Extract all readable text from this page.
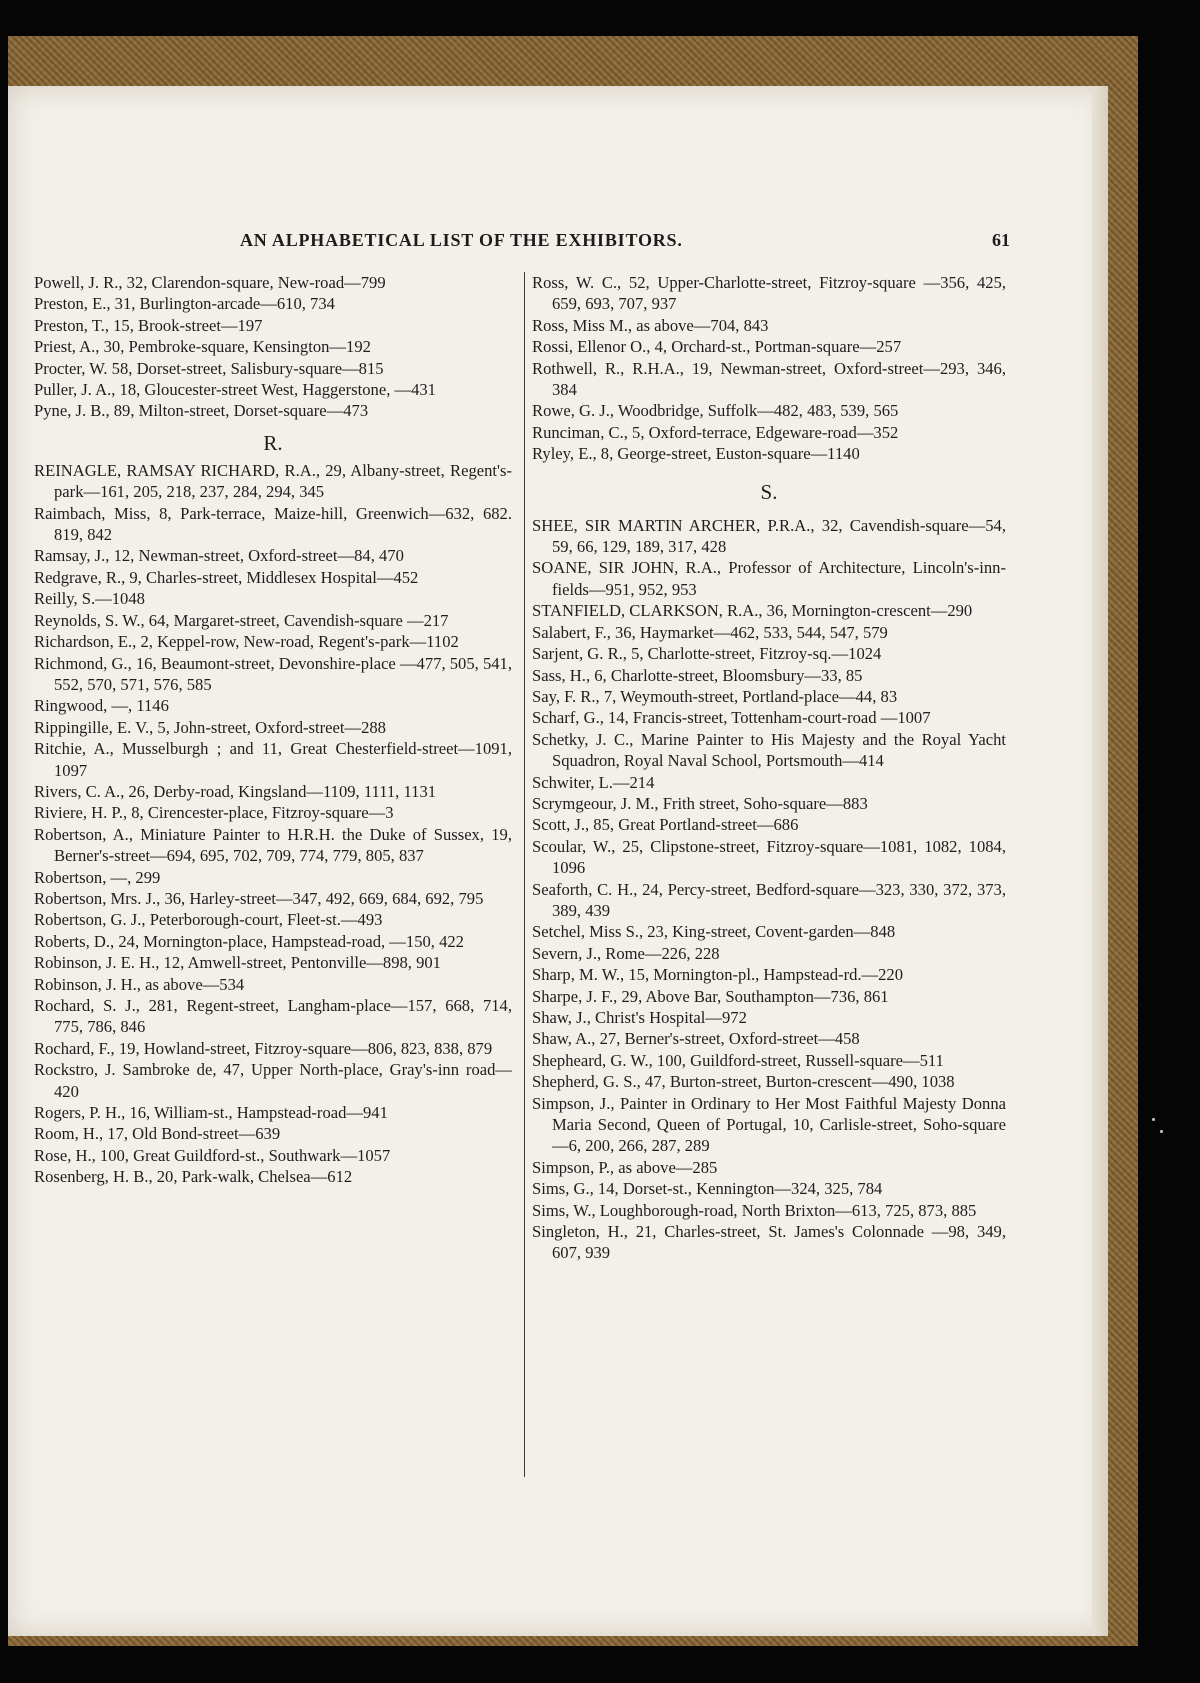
AN ALPHABETICAL LIST OF THE EXHIBITORS.	61
Powell, J. R., 32, Clarendon-square, New-road—799
Preston, E., 31, Burlington-arcade—610, 734
Preston, T., 15, Brook-street—197
Priest, A., 30, Pembroke-square, Kensington—192
Procter, W. 58, Dorset-street, Salisbury-square—815
Puller, J. A., 18, Gloucester-street West, Haggerstone, —431
Pyne, J. B., 89, Milton-street, Dorset-square—473
R.
REINAGLE, RAMSAY RICHARD, R.A., 29, Albany-street, Regent's-park—161, 205, 218, 237, 284, 294, 345
Raimbach, Miss, 8, Park-terrace, Maize-hill, Greenwich—632, 682. 819, 842
Ramsay, J., 12, Newman-street, Oxford-street—84, 470
Redgrave, R., 9, Charles-street, Middlesex Hospital—452
Reilly, S.—1048
Reynolds, S. W., 64, Margaret-street, Cavendish-square —217
Richardson, E., 2, Keppel-row, New-road, Regent's-park—1102
Richmond, G., 16, Beaumont-street, Devonshire-place —477, 505, 541, 552, 570, 571, 576, 585
Ringwood, —, 1146
Rippingille, E. V., 5, John-street, Oxford-street—288
Ritchie, A., Musselburgh ; and 11, Great Chesterfield-street—1091, 1097
Rivers, C. A., 26, Derby-road, Kingsland—1109, 1111, 1131
Riviere, H. P., 8, Cirencester-place, Fitzroy-square—3
Robertson, A., Miniature Painter to H.R.H. the Duke of Sussex, 19, Berner's-street—694, 695, 702, 709, 774, 779, 805, 837
Robertson, —, 299
Robertson, Mrs. J., 36, Harley-street—347, 492, 669, 684, 692, 795
Robertson, G. J., Peterborough-court, Fleet-st.—493
Roberts, D., 24, Mornington-place, Hampstead-road, —150, 422
Robinson, J. E. H., 12, Amwell-street, Pentonville—898, 901
Robinson, J. H., as above—534
Rochard, S. J., 281, Regent-street, Langham-place—157, 668, 714, 775, 786, 846
Rochard, F., 19, Howland-street, Fitzroy-square—806, 823, 838, 879
Rockstro, J. Sambroke de, 47, Upper North-place, Gray's-inn road—420
Rogers, P. H., 16, William-st., Hampstead-road—941
Room, H., 17, Old Bond-street—639
Rose, H., 100, Great Guildford-st., Southwark—1057
Rosenberg, H. B., 20, Park-walk, Chelsea—612
Ross, W. C., 52, Upper-Charlotte-street, Fitzroy-square —356, 425, 659, 693, 707, 937
Ross, Miss M., as above—704, 843
Rossi, Ellenor O., 4, Orchard-st., Portman-square—257
Rothwell, R., R.H.A., 19, Newman-street, Oxford-street—293, 346, 384
Rowe, G. J., Woodbridge, Suffolk—482, 483, 539, 565
Runciman, C., 5, Oxford-terrace, Edgeware-road—352
Ryley, E., 8, George-street, Euston-square—1140
S.
SHEE, SIR MARTIN ARCHER, P.R.A., 32, Cavendish-square—54, 59, 66, 129, 189, 317, 428
SOANE, SIR JOHN, R.A., Professor of Architecture, Lincoln's-inn-fields—951, 952, 953
STANFIELD, CLARKSON, R.A., 36, Mornington-crescent—290
Salabert, F., 36, Haymarket—462, 533, 544, 547, 579
Sarjent, G. R., 5, Charlotte-street, Fitzroy-sq.—1024
Sass, H., 6, Charlotte-street, Bloomsbury—33, 85
Say, F. R., 7, Weymouth-street, Portland-place—44, 83
Scharf, G., 14, Francis-street, Tottenham-court-road —1007
Schetky, J. C., Marine Painter to His Majesty and the Royal Yacht Squadron, Royal Naval School, Portsmouth—414
Schwiter, L.—214
Scrymgeour, J. M., Frith street, Soho-square—883
Scott, J., 85, Great Portland-street—686
Scoular, W., 25, Clipstone-street, Fitzroy-square—1081, 1082, 1084, 1096
Seaforth, C. H., 24, Percy-street, Bedford-square—323, 330, 372, 373, 389, 439
Setchel, Miss S., 23, King-street, Covent-garden—848
Severn, J., Rome—226, 228
Sharp, M. W., 15, Mornington-pl., Hampstead-rd.—220
Sharpe, J. F., 29, Above Bar, Southampton—736, 861
Shaw, J., Christ's Hospital—972
Shaw, A., 27, Berner's-street, Oxford-street—458
Shepheard, G. W., 100, Guildford-street, Russell-square—511
Shepherd, G. S., 47, Burton-street, Burton-crescent—490, 1038
Simpson, J., Painter in Ordinary to Her Most Faithful Majesty Donna Maria Second, Queen of Portugal, 10, Carlisle-street, Soho-square—6, 200, 266, 287, 289
Simpson, P., as above—285
Sims, G., 14, Dorset-st., Kennington—324, 325, 784
Sims, W., Loughborough-road, North Brixton—613, 725, 873, 885
Singleton, H., 21, Charles-street, St. James's Colonnade —98, 349, 607, 939
